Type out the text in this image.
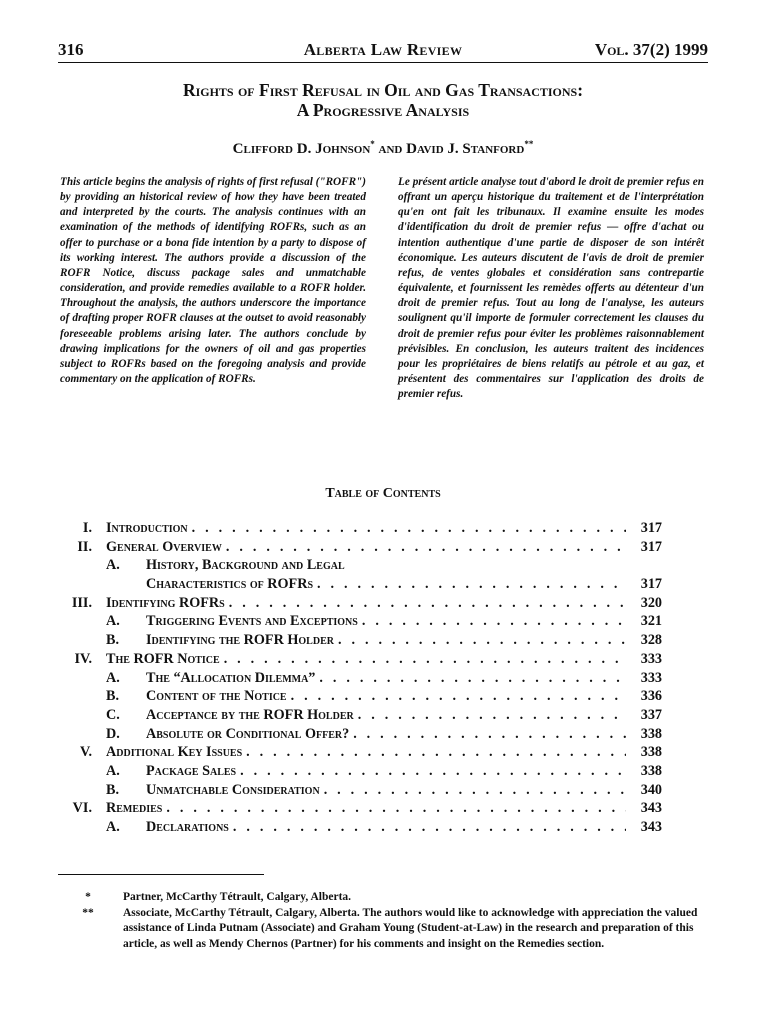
Alberta Law Review
316	Vol. 37(2) 1999
Rights of First Refusal in Oil and Gas Transactions:
A Progressive Analysis
Clifford D. Johnson* and David J. Stanford**
This article begins the analysis of rights of first refusal ("ROFR") by providing an historical review of how they have been treated and interpreted by the courts. The analysis continues with an examination of the methods of identifying ROFRs, such as an offer to purchase or a bona fide intention by a party to dispose of its working interest. The authors provide a discussion of the ROFR Notice, discuss package sales and unmatchable consideration, and provide remedies available to a ROFR holder. Throughout the analysis, the authors underscore the importance of drafting proper ROFR clauses at the outset to avoid reasonably foreseeable problems arising later. The authors conclude by drawing implications for the owners of oil and gas properties subject to ROFRs based on the foregoing analysis and provide commentary on the application of ROFRs.
Le présent article analyse tout d'abord le droit de premier refus en offrant un aperçu historique du traitement et de l'interprétation qu'en ont fait les tribunaux. Il examine ensuite les modes d'identification du droit de premier refus — offre d'achat ou intention authentique d'une partie de disposer de son intérêt économique. Les auteurs discutent de l'avis de droit de premier refus, de ventes globales et considération sans contrepartie équivalente, et fournissent les remèdes offerts au détenteur d'un droit de premier refus. Tout au long de l'analyse, les auteurs soulignent qu'il importe de formuler correctement les clauses du droit de premier refus pour éviter les problèmes raisonnablement prévisibles. En conclusion, les auteurs traitent des incidences pour les propriétaires de biens relatifs au pétrole et au gaz, et présentent des commentaires sur l'application des droits de premier refus.
Table of Contents
I. Introduction . . .	317
II. General Overview . . .	317
A.	History, Background and Legal
Characteristics of ROFRs . . .	317
III. Identifying ROFRs . . .	320
A.	Triggering Events and Exceptions . . .	321
B.	Identifying the ROFR Holder . . .	328
IV. The ROFR Notice . . .	333
A.	The “Allocation Dilemma” . . .	333
B.	Content of the Notice . . .	336
C.	Acceptance by the ROFR Holder . . .	337
D.	Absolute or Conditional Offer? . . .	338
V. Additional Key Issues . . .	338
A.	Package Sales . . .	338
B.	Unmatchable Consideration . . .	340
VI. Remedies . . .	343
A.	Declarations . . .	343
*	Partner, McCarthy Tétrault, Calgary, Alberta.
**	Associate, McCarthy Tétrault, Calgary, Alberta. The authors would like to acknowledge with appreciation the valued assistance of Linda Putnam (Associate) and Graham Young (Student-at-Law) in the research and preparation of this article, as well as Mendy Chernos (Partner) for his comments and insight on the Remedies section.
